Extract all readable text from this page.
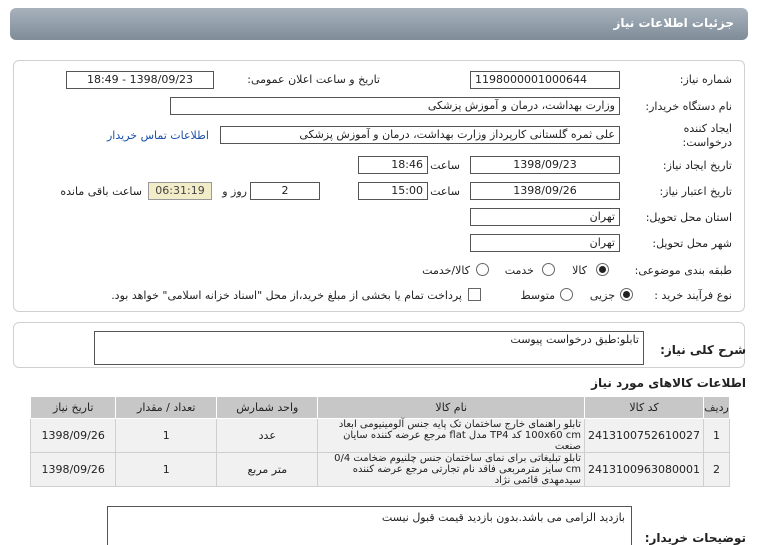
جزئیات اطلاعات نیاز
شماره نیاز:
1198000001000644
تاریخ و ساعت اعلان عمومی:
1398/09/23 - 18:49
نام دستگاه خریدار:
وزارت بهداشت، درمان و آموزش پزشکی
ایجاد کننده
درخواست:
علی ثمره گلستانی کارپرداز وزارت بهداشت، درمان و آموزش پزشکی
اطلاعات تماس خریدار
تاریخ ایجاد نیاز:
1398/09/23
ساعت
18:46
تاریخ اعتبار نیاز:
1398/09/26
ساعت
15:00
2
روز و
06:31:19
ساعت باقی مانده
استان محل تحویل:
تهران
شهر محل تحویل:
تهران
طبقه بندی موضوعی:
کالا
خدمت
کالا/خدمت
نوع فرآیند خرید :
جزیی
متوسط
پرداخت تمام یا بخشی از مبلغ خرید،از محل "اسناد خزانه اسلامی" خواهد بود.
شرح کلی نیاز:
تابلو:طبق درخواست پیوست
اطلاعات کالاهای مورد نیاز
ردیف	کد کالا	نام کالا	واحد شمارش	تعداد / مقدار	تاریخ نیاز
1	2413100752610027	تابلو راهنمای خارج ساختمان تک پایه جنس آلومینیومی ابعاد 100x60 cm کد TP4 مدل flat مرجع عرضه کننده سایان صنعت	عدد	1	1398/09/26
2	2413100963080001	تابلو تبلیغاتی برای نمای ساختمان جنس چلنیوم ضخامت 0/4 cm سایز مترمربعی فاقد نام تجارتی مرجع عرضه کننده سیدمهدی قائمی نژاد	متر مربع	1	1398/09/26
توضیحات خریدار:
بازدید الزامی می باشد.بدون بازدید قیمت قبول نیست
